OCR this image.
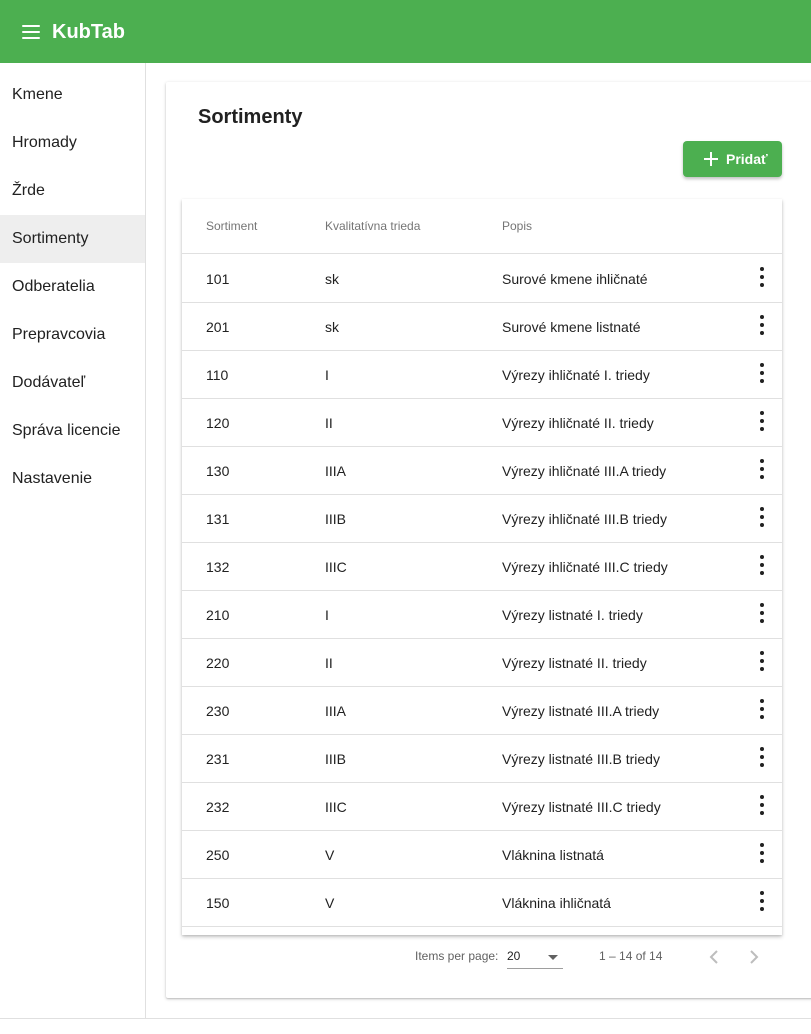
KubTab
Kmene
Hromady
Žrde
Sortimenty
Odberatelia
Prepravcovia
Dodávateľ
Správa licencie
Nastavenie
Sortimenty
Pridať
Sortiment	Kvalitatívna trieda	Popis
101	sk	Surové kmene ihličnaté
201	sk	Surové kmene listnaté
110	I	Výrezy ihličnaté I. triedy
120	II	Výrezy ihličnaté II. triedy
130	IIIA	Výrezy ihličnaté III.A triedy
131	IIIB	Výrezy ihličnaté III.B triedy
132	IIIC	Výrezy ihličnaté III.C triedy
210	I	Výrezy listnaté I. triedy
220	II	Výrezy listnaté II. triedy
230	IIIA	Výrezy listnaté III.A triedy
231	IIIB	Výrezy listnaté III.B triedy
232	IIIC	Výrezy listnaté III.C triedy
250	V	Vláknina listnatá
150	V	Vláknina ihličnatá
Items per page: 20	1 – 14 of 14
